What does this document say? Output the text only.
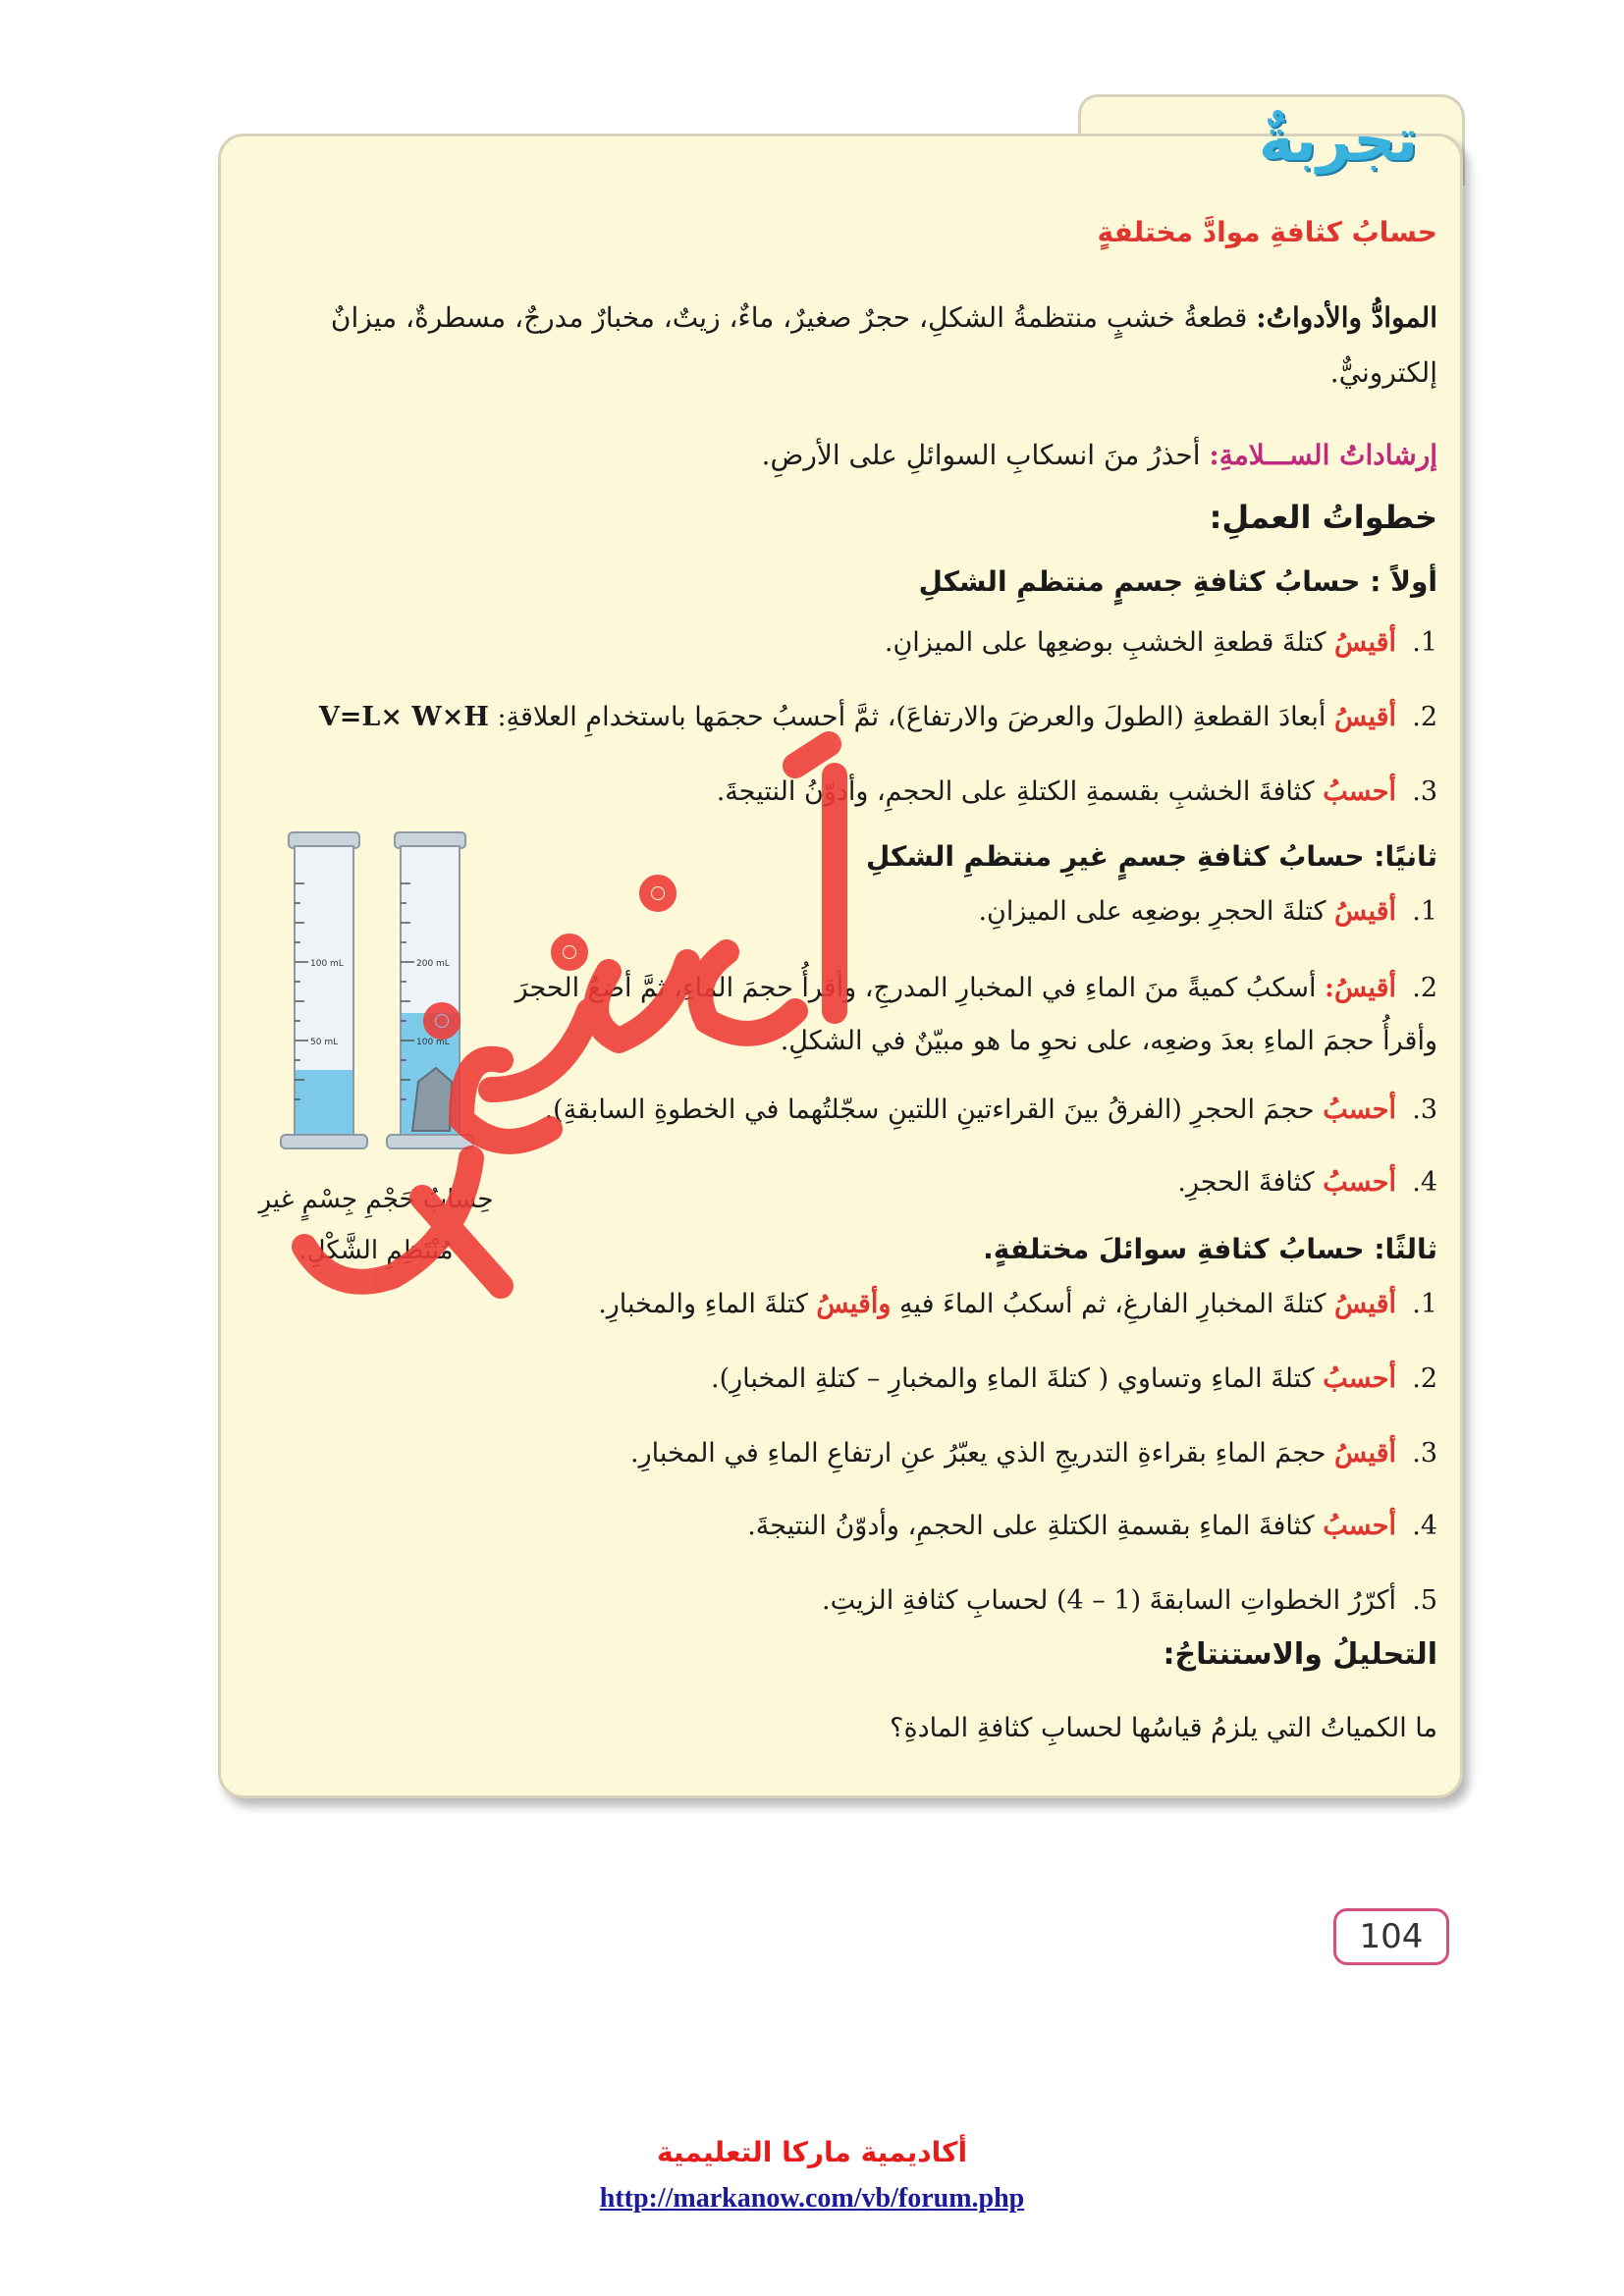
تجربةٌ
حسابُ كثافةِ موادَّ مختلفةٍ
الموادُّ والأدواتُ: قطعةُ خشبٍ منتظمةُ الشكلِ، حجرٌ صغيرٌ، ماءٌ، زيتٌ، مخبارٌ مدرجٌ، مسطرةٌ، ميزانٌ إلكترونيٌّ.
إرشاداتُ الســـلامةِ: أحذرُ منَ انسكابِ السوائلِ على الأرضِ.
خطواتُ العملِ:
أولاً : حسابُ كثافةِ جسمٍ منتظمِ الشكلِ
1.أقيسُ كتلةَ قطعةِ الخشبِ بوضعِها على الميزانِ.
2.أقيسُ أبعادَ القطعةِ (الطولَ والعرضَ والارتفاعَ)، ثمَّ أحسبُ حجمَها باستخدامِ العلاقةِ: V=L× W×H
3.أحسبُ كثافةَ الخشبِ بقسمةِ الكتلةِ على الحجمِ، وأدوّنُ النتيجةَ.
ثانيًا: حسابُ كثافةِ جسمٍ غيرِ منتظمِ الشكلِ
1.أقيسُ كتلةَ الحجرِ بوضعِه على الميزانِ.
2.أقيسُ: أسكبُ كميةً منَ الماءِ في المخبارِ المدرجِ، وأقرأُ حجمَ الماءِ، ثمَّ أضعُ الحجرَ وأقرأُ حجمَ الماءِ بعدَ وضعِه، على نحوِ ما هو مبيّنٌ في الشكلِ.
3.أحسبُ حجمَ الحجرِ (الفرقُ بينَ القراءتينِ اللتينِ سجّلتُهما في الخطوةِ السابقةِ).
4.أحسبُ كثافةَ الحجرِ.
100 mL
50 mL
200 mL
100 mL
حِسابُ حَجْمِ جِسْمٍ غيرِ مُنْتَظِمِ الشَّكْلِ.	ثالثًا: حسابُ كثافةِ سوائلَ مختلفةٍ.
1.أقيسُ كتلةَ المخبارِ الفارغِ، ثم أسكبُ الماءَ فيهِ وأقيسُ كتلةَ الماءِ والمخبارِ.
2.أحسبُ كتلةَ الماءِ وتساوي ( كتلةَ الماءِ والمخبارِ – كتلةِ المخبارِ).
3.أقيسُ حجمَ الماءِ بقراءةِ التدريجِ الذي يعبّرُ عنِ ارتفاعِ الماءِ في المخبارِ.
4.أحسبُ كثافةَ الماءِ بقسمةِ الكتلةِ على الحجمِ، وأدوّنُ النتيجةَ.
5.أكرّرُ الخطواتِ السابقةَ (1 – 4) لحسابِ كثافةِ الزيتِ.
التحليلُ والاستنتاجُ:
ما الكمياتُ التي يلزمُ قياسُها لحسابِ كثافةِ المادةِ؟
104
أكاديمية ماركا التعليمية
http://markanow.com/vb/forum.php
